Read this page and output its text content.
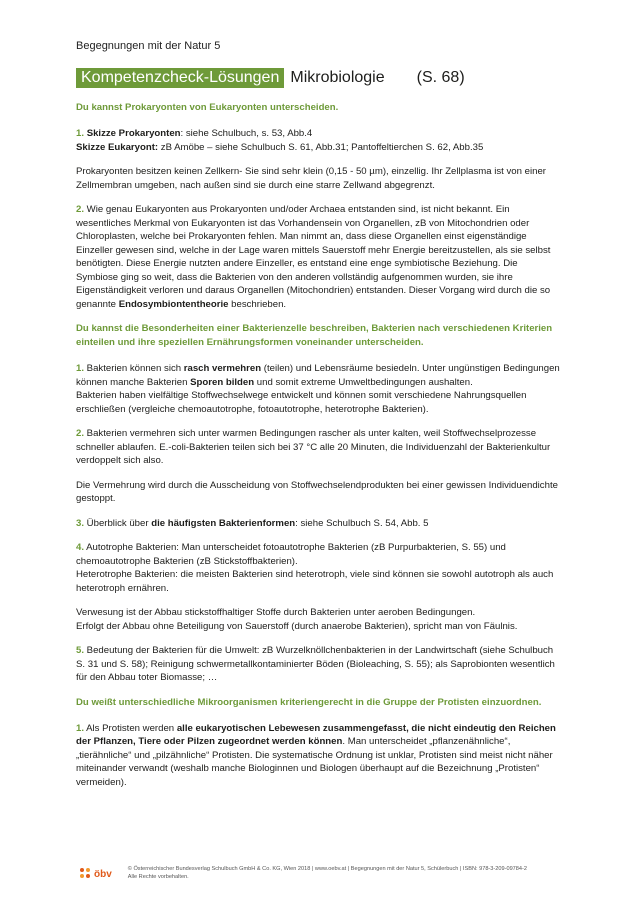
Begegnungen mit der Natur 5
Kompetenzcheck-Lösungen Mikrobiologie (S. 68)
Du kannst Prokaryonten von Eukaryonten unterscheiden.
1. Skizze Prokaryonten: siehe Schulbuch, s. 53, Abb.4
Skizze Eukaryont: zB Amöbe – siehe Schulbuch S. 61, Abb.31; Pantoffeltierchen S. 62, Abb.35
Prokaryonten besitzen keinen Zellkern- Sie sind sehr klein (0,15 - 50 µm), einzellig. Ihr Zellplasma ist von einer Zellmembran umgeben, nach außen sind sie durch eine starre Zellwand abgegrenzt.
2. Wie genau Eukaryonten aus Prokaryonten und/oder Archaea entstanden sind, ist nicht bekannt. Ein wesentliches Merkmal von Eukaryonten ist das Vorhandensein von Organellen, zB von Mitochondrien oder Chloroplasten, welche bei Prokaryonten fehlen. Man nimmt an, dass diese Organellen einst eigenständige Einzeller gewesen sind, welche in der Lage waren mittels Sauerstoff mehr Energie bereitzustellen, als sie selbst benötigten. Diese Energie nutzten andere Einzeller, es entstand eine enge symbiotische Beziehung. Die Symbiose ging so weit, dass die Bakterien von den anderen vollständig aufgenommen wurden, sie ihre Eigenständigkeit verloren und daraus Organellen (Mitochondrien) entstanden. Dieser Vorgang wird durch die so genannte Endosymbiontentheorie beschrieben.
Du kannst die Besonderheiten einer Bakterienzelle beschreiben, Bakterien nach verschiedenen Kriterien einteilen und ihre speziellen Ernährungsformen voneinander unterscheiden.
1. Bakterien können sich rasch vermehren (teilen) und Lebensräume besiedeln. Unter ungünstigen Bedingungen können manche Bakterien Sporen bilden und somit extreme Umweltbedingungen aushalten.
Bakterien haben vielfältige Stoffwechselwege entwickelt und können somit verschiedene Nahrungsquellen erschließen (vergleiche chemoautotrophe, fotoautotrophe, heterotrophe Bakterien).
2. Bakterien vermehren sich unter warmen Bedingungen rascher als unter kalten, weil Stoffwechselprozesse schneller ablaufen. E.-coli-Bakterien teilen sich bei 37 °C alle 20 Minuten, die Individuenzahl der Bakterienkultur verdoppelt sich also.
Die Vermehrung wird durch die Ausscheidung von Stoffwechselendprodukten bei einer gewissen Individuendichte gestoppt.
3. Überblick über die häufigsten Bakterienformen: siehe Schulbuch S. 54, Abb. 5
4. Autotrophe Bakterien: Man unterscheidet fotoautotrophe Bakterien (zB Purpurbakterien, S. 55) und chemoautotrophe Bakterien (zB Stickstoffbakterien).
Heterotrophe Bakterien: die meisten Bakterien sind heterotroph, viele sind können sie sowohl autotroph als auch heterotroph ernähren.
Verwesung ist der Abbau stickstoffhaltiger Stoffe durch Bakterien unter aeroben Bedingungen.
Erfolgt der Abbau ohne Beteiligung von Sauerstoff (durch anaerobe Bakterien), spricht man von Fäulnis.
5. Bedeutung der Bakterien für die Umwelt: zB Wurzelknöllchenbakterien in der Landwirtschaft (siehe Schulbuch S. 31 und S. 58); Reinigung schwermetallkontaminierter Böden (Bioleaching, S. 55); als Saprobionten wesentlich für den Abbau toter Biomasse; …
Du weißt unterschiedliche Mikroorganismen kriteriengerecht in die Gruppe der Protisten einzuordnen.
1. Als Protisten werden alle eukaryotischen Lebewesen zusammengefasst, die nicht eindeutig den Reichen der Pflanzen, Tiere oder Pilzen zugeordnet werden können. Man unterscheidet „pflanzenähnliche“, „tierähnliche“ und „pilzähnliche“ Protisten. Die systematische Ordnung ist unklar, Protisten sind meist nicht näher miteinander verwandt (weshalb manche Biologinnen und Biologen überhaupt auf die Bezeichnung „Protisten“ vermeiden).
öbv	© Österreichischer Bundesverlag Schulbuch GmbH & Co. KG, Wien 2018 | www.oebv.at | Begegnungen mit der Natur 5, Schülerbuch | ISBN: 978-3-209-09784-2
Alle Rechte vorbehalten.
